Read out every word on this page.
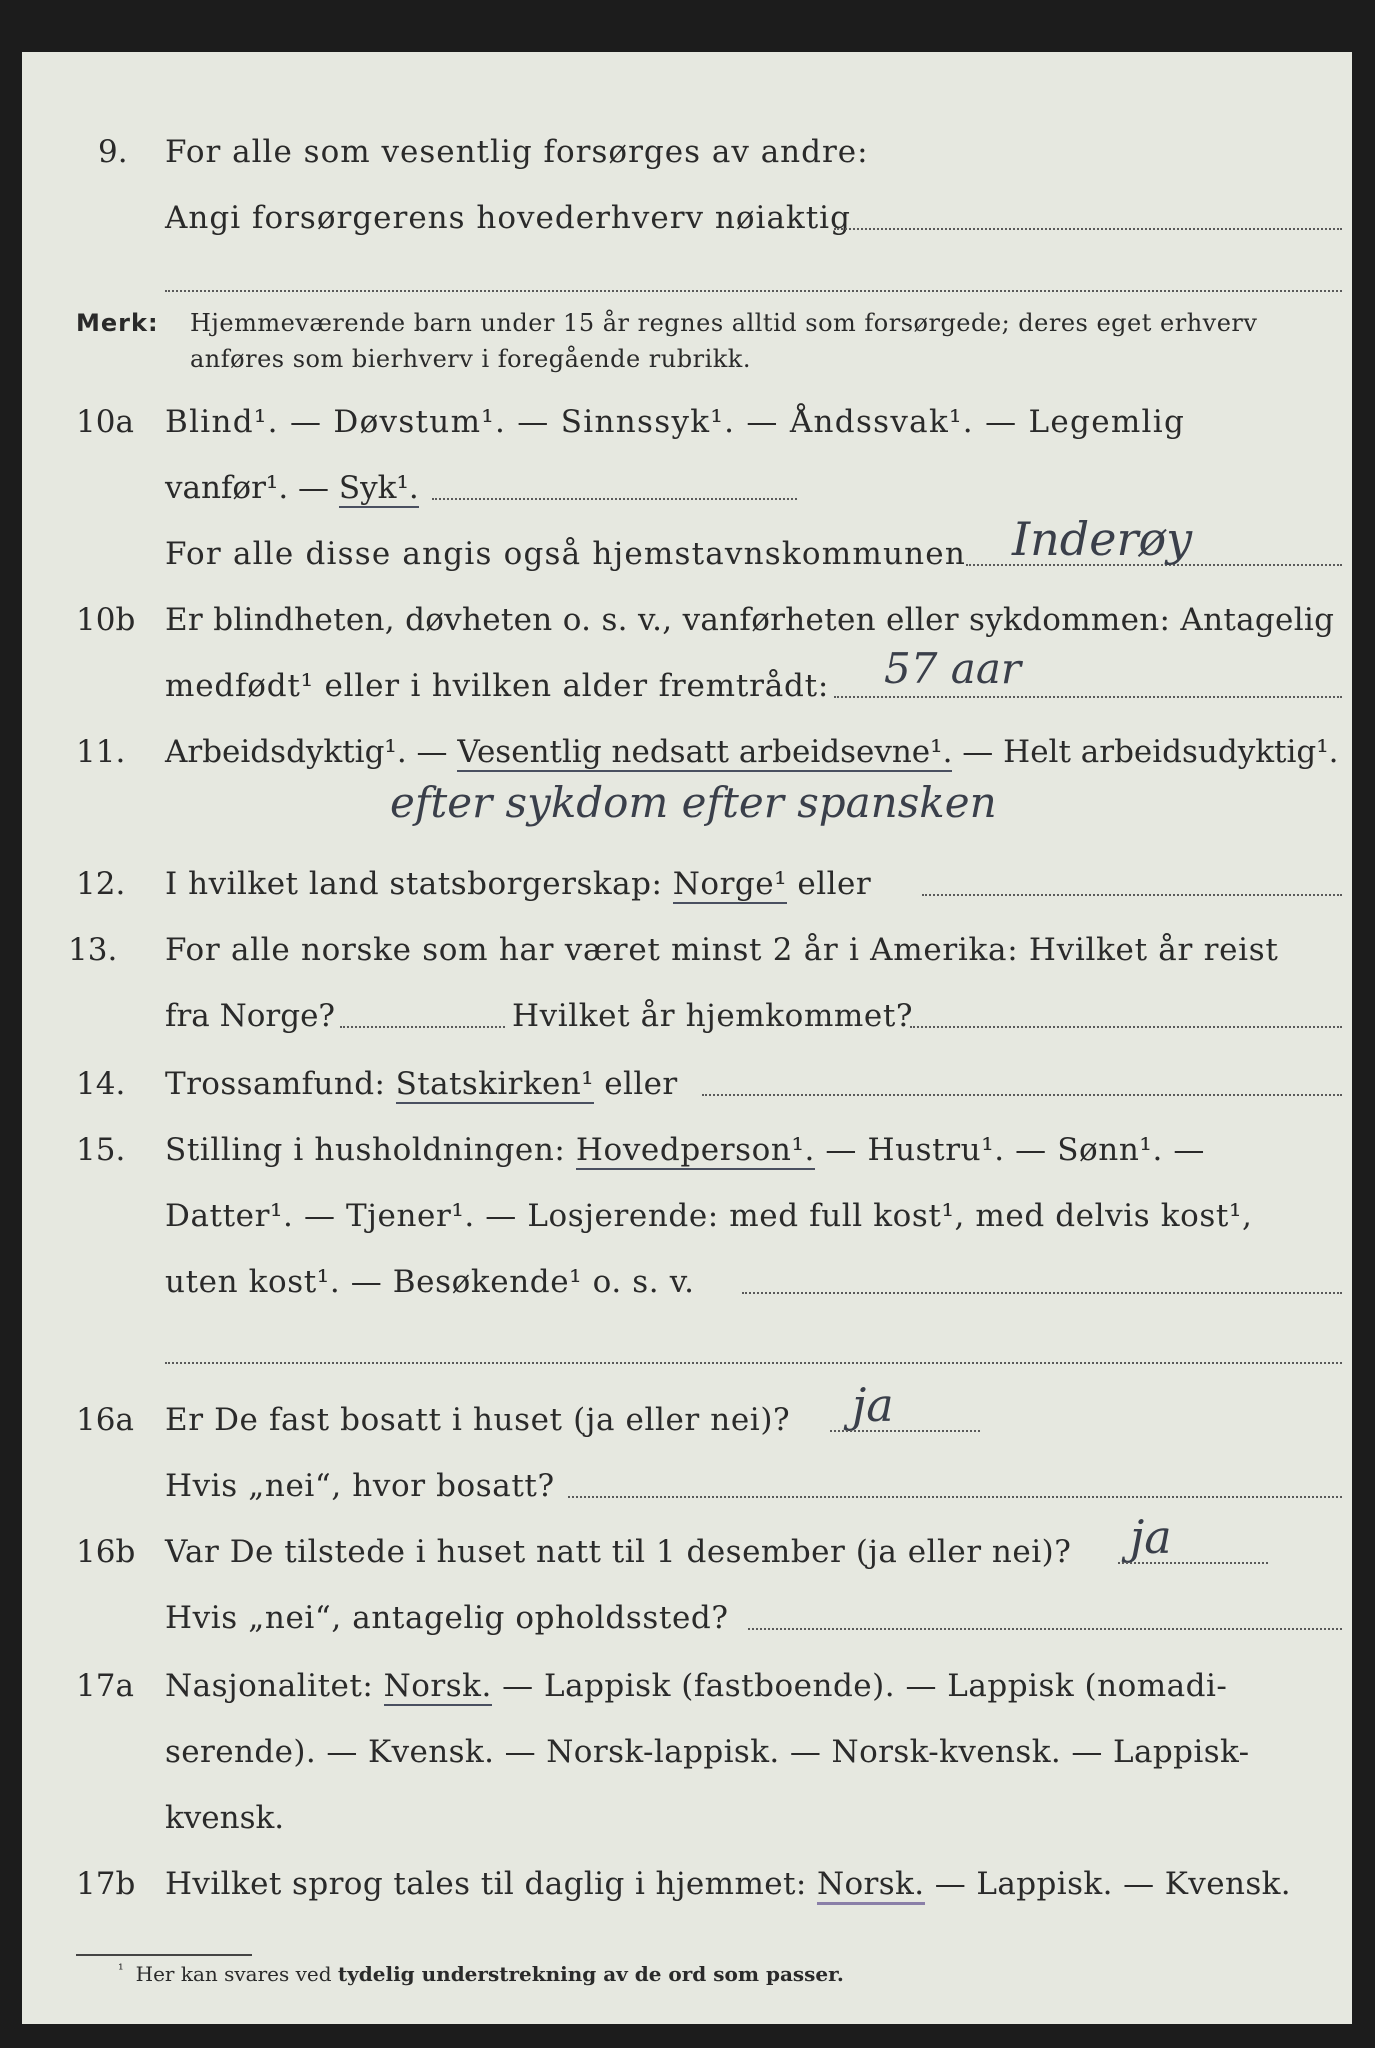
9. For alle som vesentlig forsørges av andre:
Angi forsørgerens hovederhverv nøiaktig
Merk: Hjemmeværende barn under 15 år regnes alltid som forsørgede; deres eget erhverv
anføres som bierhverv i foregående rubrikk.
10a Blind¹. — Døvstum¹. — Sinnssyk¹. — Åndssvak¹. — Legemlig
vanfør¹. — Syk¹.
For alle disse angis også hjemstavnskommunen Inderøy
10b Er blindheten, døvheten o. s. v., vanførheten eller sykdommen: Antagelig
medfødt¹ eller i hvilken alder fremtrådt: 57 aar
11. Arbeidsdyktig¹. — Vesentlig nedsatt arbeidsevne¹. — Helt arbeidsudyktig¹.
efter sykdom efter spansken
12. I hvilket land statsborgerskap: Norge¹ eller
13. For alle norske som har været minst 2 år i Amerika: Hvilket år reist
fra Norge?	Hvilket år hjemkommet?
14. Trossamfund: Statskirken¹ eller
15. Stilling i husholdningen: Hovedperson¹. — Hustru¹. — Sønn¹. —
Datter¹. — Tjener¹. — Losjerende: med full kost¹, med delvis kost¹,
uten kost¹. — Besøkende¹ o. s. v.
16a Er De fast bosatt i huset (ja eller nei)? ja
Hvis „nei“, hvor bosatt?
16b Var De tilstede i huset natt til 1 desember (ja eller nei)? ja
Hvis „nei“, antagelig opholdssted?
17a Nasjonalitet: Norsk. — Lappisk (fastboende). — Lappisk (nomadi-
serende). — Kvensk. — Norsk-lappisk. — Norsk-kvensk. — Lappisk-
kvensk.
17b Hvilket sprog tales til daglig i hjemmet: Norsk. — Lappisk. — Kvensk.
$^{^1}$ Her kan svares ved tydelig understrekning av de ord som passer.
